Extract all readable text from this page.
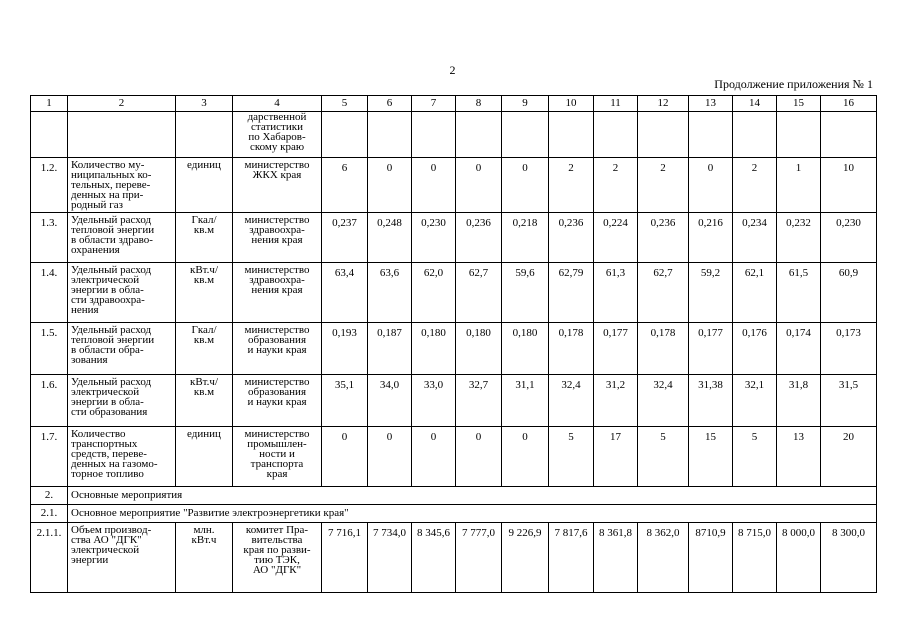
2
Продолжение приложения № 1
1	2	3	4	5	6	7	8	9	10	11	12	13	14	15	16

			дарственной
статистики
по Хабаров-
скому краю												

1.2.	Количество му-
ниципальных ко-
тельных, переве-
денных на при-
родный газ	единиц	министерство
ЖКХ края	6	0	0	0	0	2	2	2	0	2	1	10
1.3.	Удельный расход
тепловой энергии
в области здраво-
охранения	Гкал/
кв.м	министерство
здравоохра-
нения края	0,237	0,248	0,230	0,236	0,218	0,236	0,224	0,236	0,216	0,234	0,232	0,230
1.4.	Удельный расход
электрической
энергии в обла-
сти здравоохра-
нения	кВт.ч/
кв.м	министерство
здравоохра-
нения края	63,4	63,6	62,0	62,7	59,6	62,79	61,3	62,7	59,2	62,1	61,5	60,9
1.5.	Удельный расход
тепловой энергии
в области обра-
зования	Гкал/
кв.м	министерство
образования
и науки края	0,193	0,187	0,180	0,180	0,180	0,178	0,177	0,178	0,177	0,176	0,174	0,173
1.6.	Удельный расход
электрической
энергии в обла-
сти образования	кВт.ч/
кв.м	министерство
образования
и науки края	35,1	34,0	33,0	32,7	31,1	32,4	31,2	32,4	31,38	32,1	31,8	31,5
1.7.	Количество
транспортных
средств, переве-
денных на газомо-
торное топливо	единиц	министерство
промышлен-
ности и
транспорта
края	0	0	0	0	0	5	17	5	15	5	13	20
2.	Основные мероприятия														
2.1.	Основное мероприятие "Развитие электроэнергетики края"														
2.1.1.	Объем производ-
ства АО "ДГК"
электрической
энергии	млн.
кВт.ч	комитет Пра-
вительства
края по разви-
тию ТЭК,
АО "ДГК"	7 716,1	7 734,0	8 345,6	7 777,0	9 226,9	7 817,6	8 361,8	8 362,0	8710,9	8 715,0	8 000,0	8 300,0
